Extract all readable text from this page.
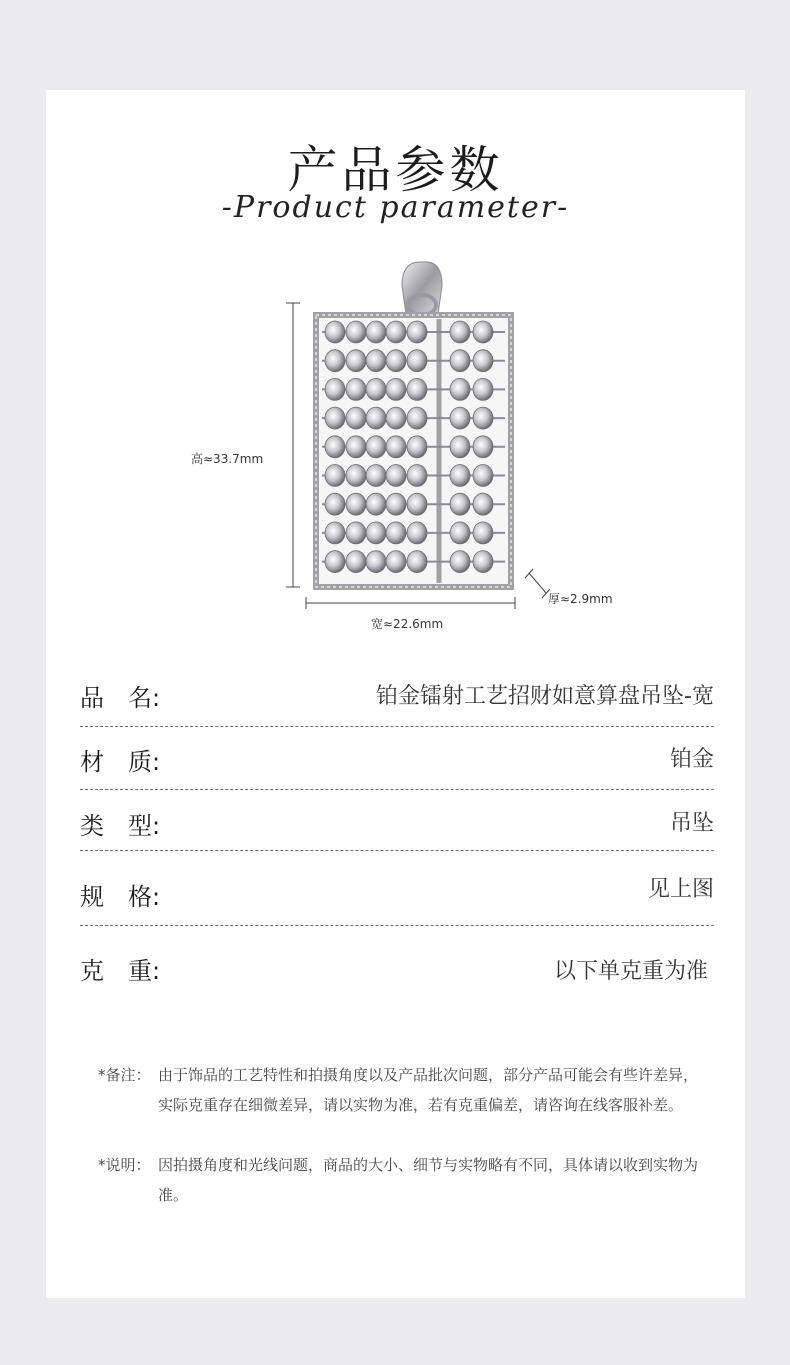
产品参数
-Product parameter-
高≈33.7mm
宽≈22.6mm
厚≈2.9mm
品　名:	铂金镭射工艺招财如意算盘吊坠-宽
材　质:	铂金
类　型:	吊坠
规　格:	见上图
克　重:	以下单克重为准
*备注： 由于饰品的工艺特性和拍摄角度以及产品批次问题，部分产品可能会有些许差异，实际克重存在细微差异，请以实物为准，若有克重偏差，请咨询在线客服补差。
*说明： 因拍摄角度和光线问题，商品的大小、细节与实物略有不同，具体请以收到实物为准。
